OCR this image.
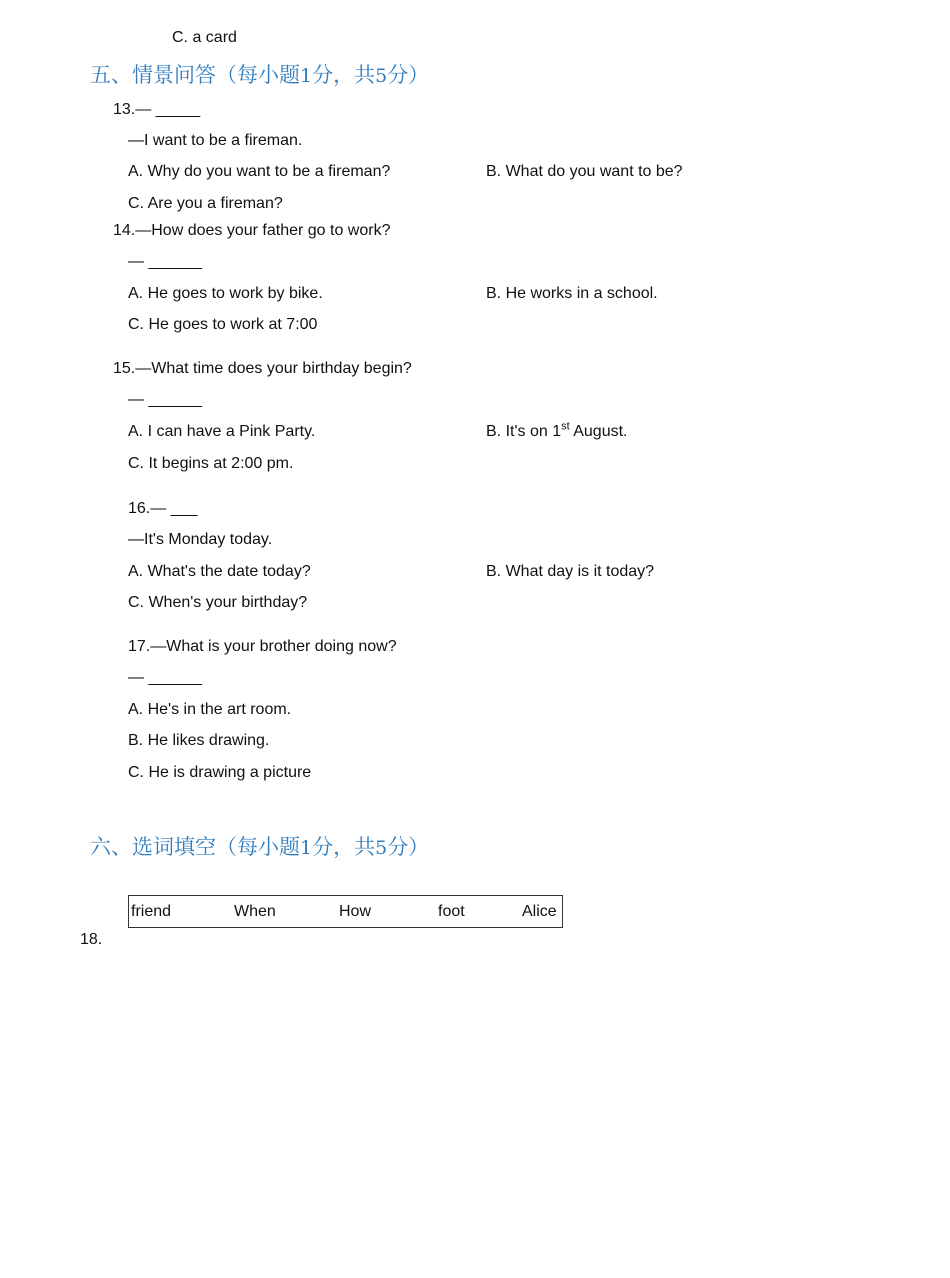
C. a card
五、情景问答（每小题1分，共5分）
13.— _____
—I want to be a fireman.
A. Why do you want to be a fireman?	B. What do you want to be?
C. Are you a fireman?
14.—How does your father go to work?
— ______
A. He goes to work by bike.	B. He works in a school.
C. He goes to work at 7:00
15.—What time does your birthday begin?
— ______
A. I can have a Pink Party.	B. It's on 1st August.
C. It begins at 2:00 pm.
16.— ___
—It's Monday today.
A. What's the date today?	B. What day is it today?
C. When's your birthday?
17.—What is your brother doing now?
— ______
A. He's in the art room.
B. He likes drawing.
C. He is drawing a picture
六、选词填空（每小题1分，共5分）
friend	When	How	foot	Alice
18.
